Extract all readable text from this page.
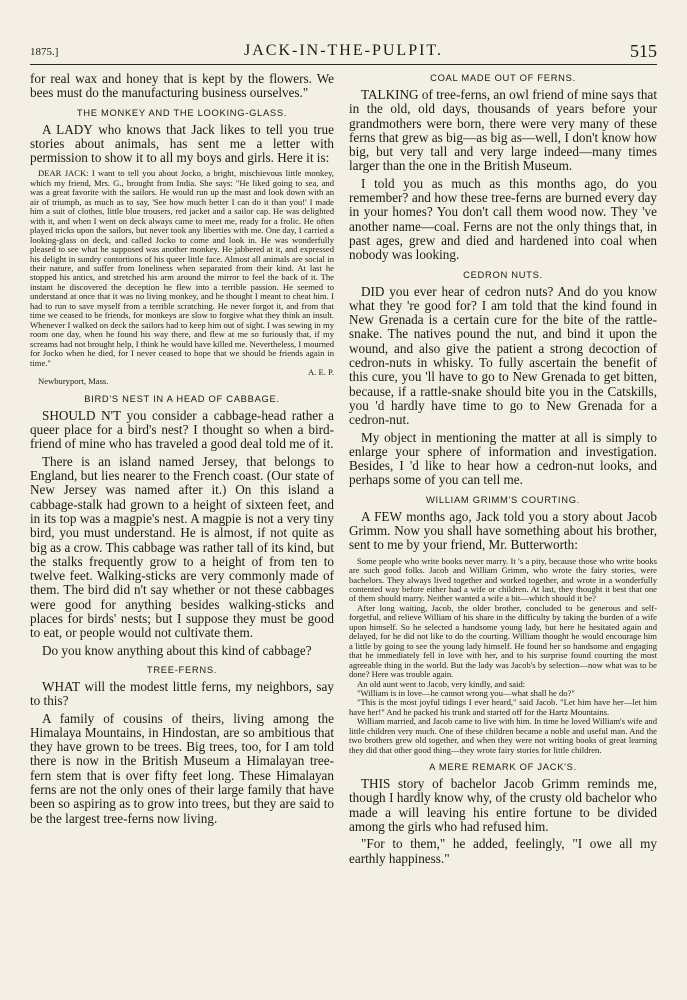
1875.]	JACK-IN-THE-PULPIT.	515

for real wax and honey that is kept by the flowers. We bees must do the manufacturing business ourselves."

THE MONKEY AND THE LOOKING-GLASS.

A LADY who knows that Jack likes to tell you true stories about animals, has sent me a letter with permission to show it to all my boys and girls. Here it is:

DEAR JACK: I want to tell you about Jocko, a bright, mischievous little monkey, which my friend, Mrs. G., brought from India. She says: "He liked going to sea, and was a great favorite with the sailors. He would run up the mast and look down with an air of triumph, as much as to say, 'See how much better I can do it than you!' I made him a suit of clothes, little blue trousers, red jacket and a sailor cap. He was delighted with it, and when I went on deck always came to meet me, ready for a frolic. He often played tricks upon the sailors, but never took any liberties with me. One day, I carried a looking-glass on deck, and called Jocko to come and look in. He was wonderfully pleased to see what he supposed was another monkey. He jabbered at it, and expressed his delight in sundry contortions of his queer little face. Almost all animals are social in their nature, and suffer from loneliness when separated from their kind. At last he stopped his antics, and stretched his arm around the mirror to feel the back of it. The instant he discovered the deception he flew into a terrible passion. He seemed to understand at once that it was no living monkey, and he thought I meant to cheat him. I had to run to save myself from a terrible scratching. He never forgot it, and from that time we ceased to be friends, for monkeys are slow to forgive what they think an insult. Whenever I walked on deck the sailors had to keep him out of sight. I was sewing in my room one day, when he found his way there, and flew at me so furiously that, if my screams had not brought help, I think he would have killed me. Nevertheless, I mourned for Jocko when he died, for I never ceased to hope that we should be friends again in time."

A. E. P.

Newburyport, Mass.

BIRD'S NEST IN A HEAD OF CABBAGE.

SHOULD N'T you consider a cabbage-head rather a queer place for a bird's nest? I thought so when a bird-friend of mine who has traveled a good deal told me of it.

There is an island named Jersey, that belongs to England, but lies nearer to the French coast. (Our state of New Jersey was named after it.) On this island a cabbage-stalk had grown to a height of sixteen feet, and in its top was a magpie's nest. A magpie is not a very tiny bird, you must understand. He is almost, if not quite as big as a crow. This cabbage was rather tall of its kind, but the stalks frequently grow to a height of from ten to twelve feet. Walking-sticks are very commonly made of them. The bird did n't say whether or not these cabbages were good for anything besides walking-sticks and places for birds' nests; but I suppose they must be good to eat, or people would not cultivate them.

Do you know anything about this kind of cabbage?

TREE-FERNS.

WHAT will the modest little ferns, my neighbors, say to this?

A family of cousins of theirs, living among the Himalaya Mountains, in Hindostan, are so ambitious that they have grown to be trees. Big trees, too, for I am told there is now in the British Museum a Himalayan tree-fern stem that is over fifty feet long. These Himalayan ferns are not the only ones of their large family that have been so aspiring as to grow into trees, but they are said to be the largest tree-ferns now living.

COAL MADE OUT OF FERNS.

TALKING of tree-ferns, an owl friend of mine says that in the old, old days, thousands of years before your grandmothers were born, there were very many of these ferns that grew as big—as big as—well, I don't know how big, but very tall and very large indeed—many times larger than the one in the British Museum.

I told you as much as this months ago, do you remember? and how these tree-ferns are burned every day in your homes? You don't call them wood now. They 've another name—coal. Ferns are not the only things that, in past ages, grew and died and hardened into coal when nobody was looking.

CEDRON NUTS.

DID you ever hear of cedron nuts? And do you know what they 're good for? I am told that the kind found in New Grenada is a certain cure for the bite of the rattle-snake. The natives pound the nut, and bind it upon the wound, and also give the patient a strong decoction of cedron-nuts in whisky. To fully ascertain the benefit of this cure, you 'll have to go to New Grenada to get bitten, because, if a rattle-snake should bite you in the Catskills, you 'd hardly have time to go to New Grenada for a cedron-nut.

My object in mentioning the matter at all is simply to enlarge your sphere of information and investigation. Besides, I 'd like to hear how a cedron-nut looks, and perhaps some of you can tell me.

WILLIAM GRIMM'S COURTING.

A FEW months ago, Jack told you a story about Jacob Grimm. Now you shall have something about his brother, sent to me by your friend, Mr. Butterworth:

Some people who write books never marry. It 's a pity, because those who write books are such good folks. Jacob and William Grimm, who wrote the fairy stories, were bachelors. They always lived together and worked together, and wrote in a wonderfully contented way before either had a wife or children. At last, they thought it best that one of them should marry. Neither wanted a wife a bit—which should it be?

After long waiting, Jacob, the older brother, concluded to be generous and self-forgetful, and relieve William of his share in the difficulty by taking the burden of a wife upon himself. So he selected a handsome young lady, but here he hesitated again and delayed, for he did not like to do the courting. William thought he would encourage him a little by going to see the young lady himself. He found her so handsome and engaging that he immediately fell in love with her, and to his surprise found courting the most agreeable thing in the world. But the lady was Jacob's by selection—now what was to be done? Here was trouble again.

An old aunt went to Jacob, very kindly, and said:

"William is in love—he cannot wrong you—what shall he do?"

"This is the most joyful tidings I ever heard," said Jacob. "Let him have her—let him have her!" And he packed his trunk and started off for the Hartz Mountains.

William married, and Jacob came to live with him. In time he loved William's wife and little children very much. One of these children became a noble and useful man. And the two brothers grew old together, and when they were not writing books of great learning they did that other good thing—they wrote fairy stories for little children.

A MERE REMARK OF JACK'S.

THIS story of bachelor Jacob Grimm reminds me, though I hardly know why, of the crusty old bachelor who made a will leaving his entire fortune to be divided among the girls who had refused him.

"For to them," he added, feelingly, "I owe all my earthly happiness."
